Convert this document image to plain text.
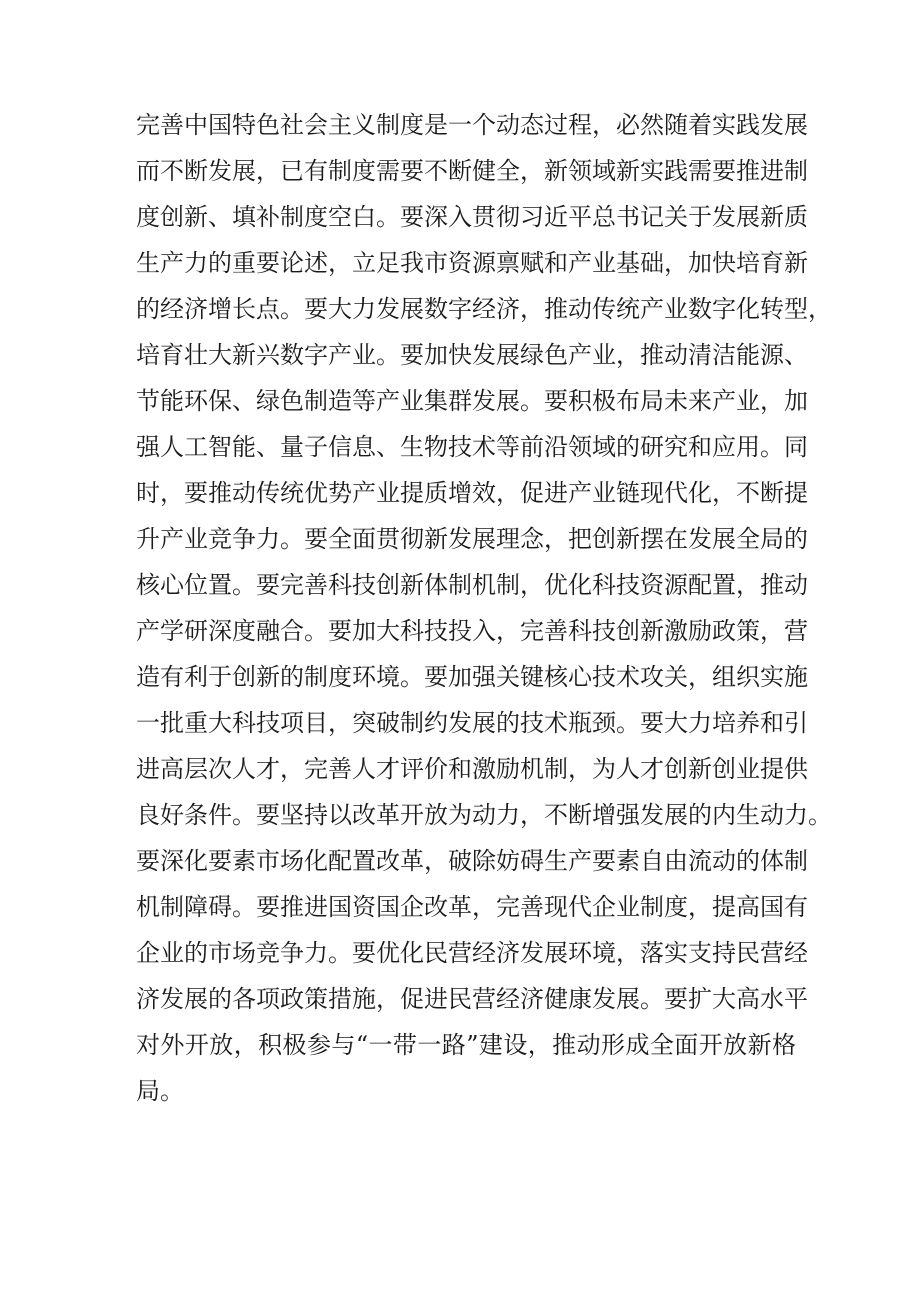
完善中国特色社会主义制度是一个动态过程，必然随着实践发展
而不断发展，已有制度需要不断健全，新领域新实践需要推进制
度创新、填补制度空白。要深入贯彻习近平总书记关于发展新质
生产力的重要论述，立足我市资源禀赋和产业基础，加快培育新
的经济增长点。要大力发展数字经济，推动传统产业数字化转型，
培育壮大新兴数字产业。要加快发展绿色产业，推动清洁能源、
节能环保、绿色制造等产业集群发展。要积极布局未来产业，加
强人工智能、量子信息、生物技术等前沿领域的研究和应用。同
时，要推动传统优势产业提质增效，促进产业链现代化，不断提
升产业竞争力。要全面贯彻新发展理念，把创新摆在发展全局的
核心位置。要完善科技创新体制机制，优化科技资源配置，推动
产学研深度融合。要加大科技投入，完善科技创新激励政策，营
造有利于创新的制度环境。要加强关键核心技术攻关，组织实施
一批重大科技项目，突破制约发展的技术瓶颈。要大力培养和引
进高层次人才，完善人才评价和激励机制，为人才创新创业提供
良好条件。要坚持以改革开放为动力，不断增强发展的内生动力。
要深化要素市场化配置改革，破除妨碍生产要素自由流动的体制
机制障碍。要推进国资国企改革，完善现代企业制度，提高国有
企业的市场竞争力。要优化民营经济发展环境，落实支持民营经
济发展的各项政策措施，促进民营经济健康发展。要扩大高水平
对外开放，积极参与“一带一路”建设，推动形成全面开放新格
局。
